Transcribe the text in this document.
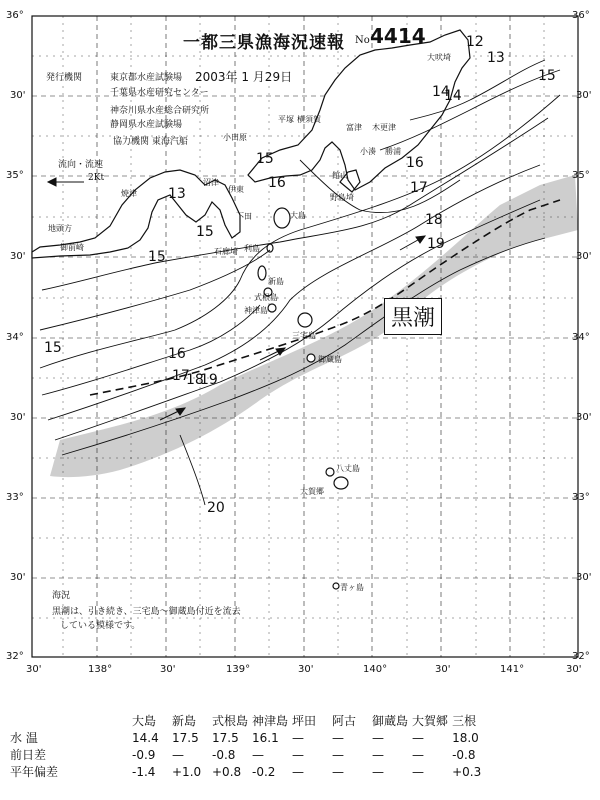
一都三県漁海況速報 No 4414
発行機関	東京都水産試験場 2003年 1 月29日
千葉県水産研究センター
神奈川県水産総合研究所
静岡県水産試験場
協力機関 東海汽船
流向・流速
2Kt
黒潮
海況
黒潮は、引き続き、三宅島〜御蔵島付近を流去
している模様です。
36°
30'
35°
30'
34°
30'
33°
30'
32°
36°
30'
35°
30'
34°
30'
33°
30'
32°
30'	138°	30'	139°	30'	140°	30'	141°	30'
12
13
14
15
15
15
15
15
16
16
16
17
17
18
18
19
19
20
13
14
大吠埼
木更津
勝浦
小湊
平塚 横須賀
富津
館山
野島埼
小田原
伊東
下田
石廊埼
焼津
御前崎
地頭方
沼津
大島
利島
新島
式根島
神津島
三宅島
御蔵島
八丈島
大賀郷
青ヶ島
	大島	新島	式根島	神津島	坪田	阿古	御蔵島	大賀郷	三根
水 温	14.4	17.5	17.5	16.1	—	—	—	—	18.0
前日差	-0.9	—	-0.8	—	—	—	—	—	-0.8
平年偏差	-1.4	+1.0	+0.8	-0.2	—	—	—	—	+0.3
